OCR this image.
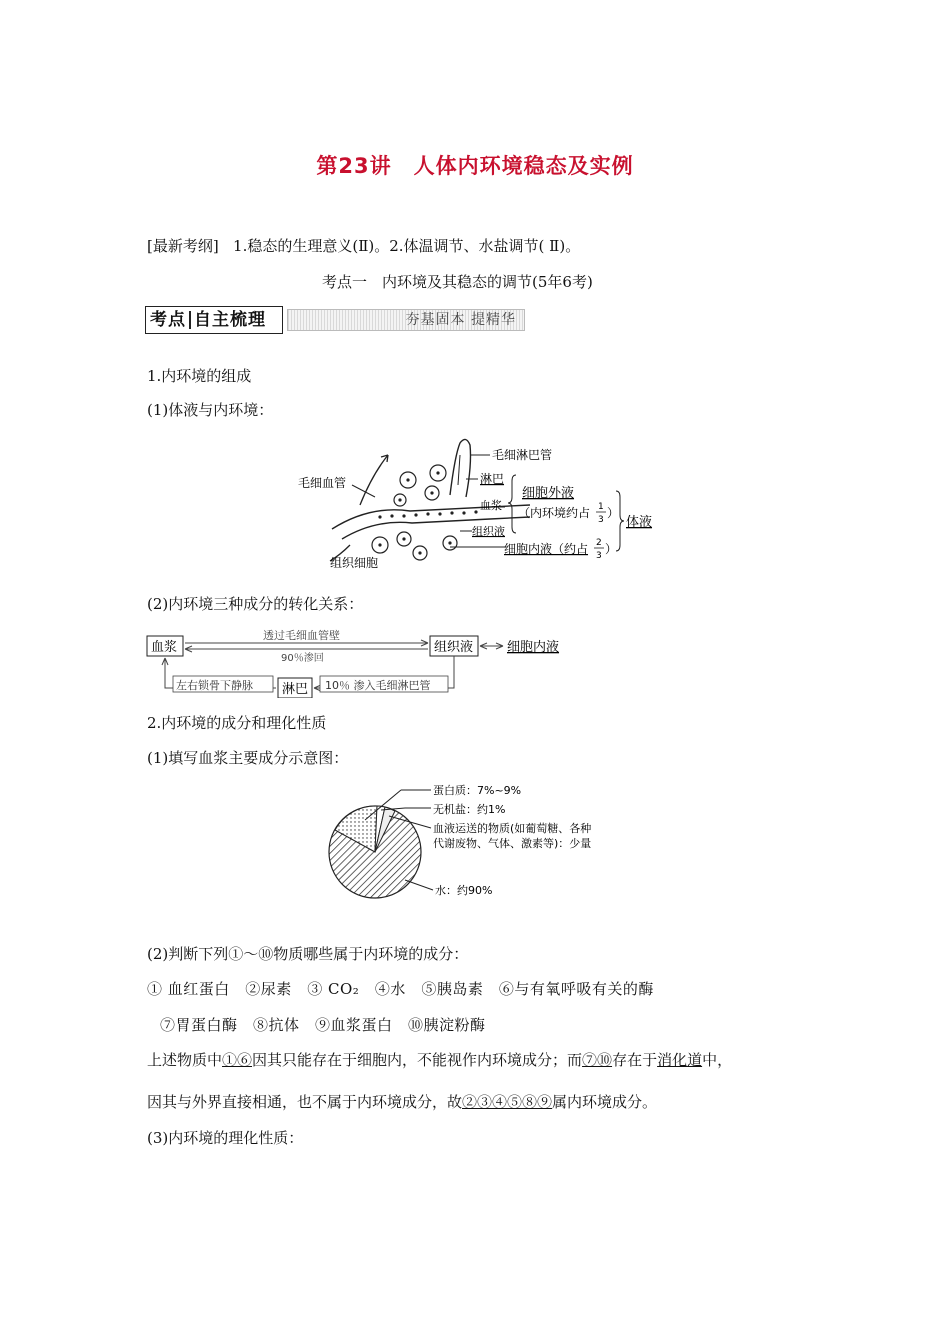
第23讲　人体内环境稳态及实例
[最新考纲] 1.稳态的生理意义(Ⅱ)。2.体温调节、水盐调节( Ⅱ)。
考点一　内环境及其稳态的调节(5年6考)
考点 自主梳理	夯基固本 提精华
1.内环境的组成
(1)体液与内环境：
毛细血管
毛细淋巴管
淋巴
血浆
组织液
组织细胞
细胞外液
（内环境约占 1
3 ）
细胞内液（约占 2
3 ）
体液
(2)内环境三种成分的转化关系：
血浆	组织液	细胞内液
淋巴
透过毛细血管壁
90％渗回
10％ 渗入毛细淋巴管
左右锁骨下静脉
2.内环境的成分和理化性质
(1)填写血浆主要成分示意图：
蛋白质：7%~9%
无机盐：约1%
血液运送的物质(如葡萄糖、各种
代谢废物、气体、激素等)：少量
水：约90%
(2)判断下列①～⑩物质哪些属于内环境的成分：
① 血红蛋白　②尿素　③ CO₂　④水　⑤胰岛素　⑥与有氧呼吸有关的酶
⑦胃蛋白酶　⑧抗体　⑨血浆蛋白　⑩胰淀粉酶
上述物质中①⑥因其只能存在于细胞内，不能视作内环境成分；而⑦⑩存在于消化道中，
因其与外界直接相通，也不属于内环境成分，故②③④⑤⑧⑨属内环境成分。
(3)内环境的理化性质：
